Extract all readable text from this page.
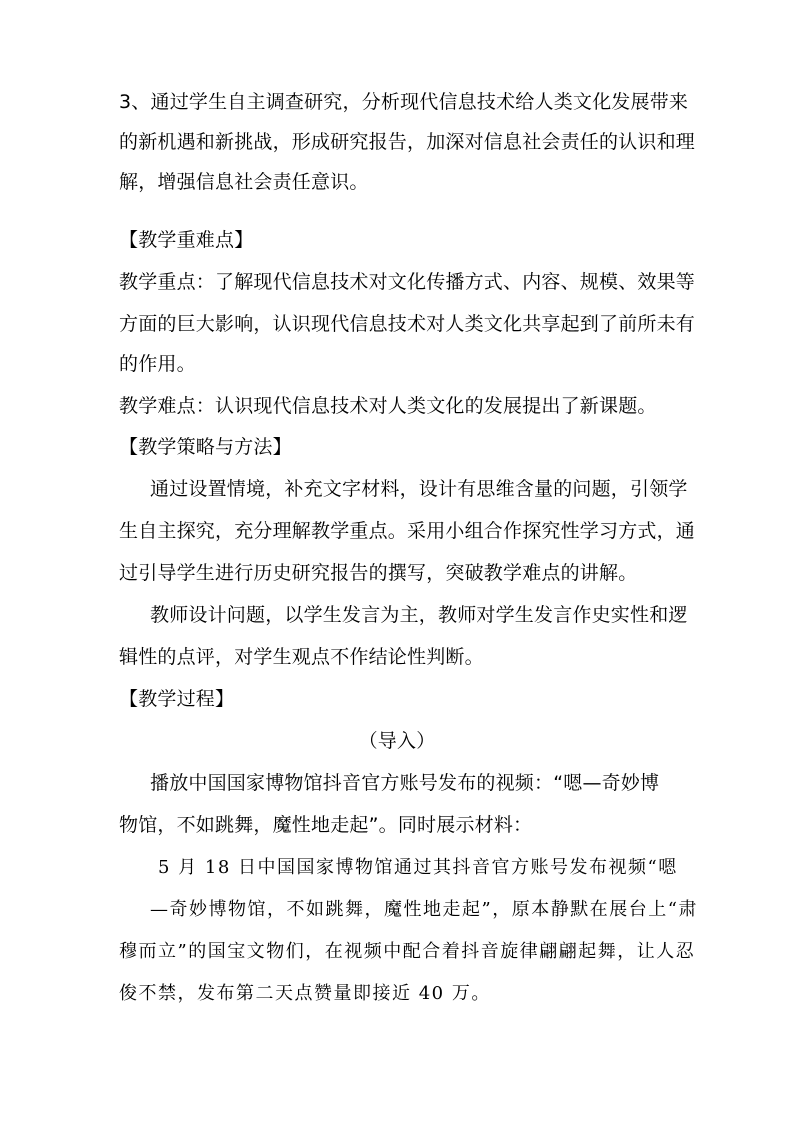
3、通过学生自主调查研究，分析现代信息技术给人类文化发展带来
的新机遇和新挑战，形成研究报告，加深对信息社会责任的认识和理
解，增强信息社会责任意识。
【教学重难点】
教学重点：了解现代信息技术对文化传播方式、内容、规模、效果等
方面的巨大影响，认识现代信息技术对人类文化共享起到了前所未有
的作用。
教学难点：认识现代信息技术对人类文化的发展提出了新课题。
【教学策略与方法】
通过设置情境，补充文字材料，设计有思维含量的问题，引领学
生自主探究，充分理解教学重点。采用小组合作探究性学习方式，通
过引导学生进行历史研究报告的撰写，突破教学难点的讲解。
教师设计问题，以学生发言为主，教师对学生发言作史实性和逻
辑性的点评，对学生观点不作结论性判断。
【教学过程】
（导入）
播放中国国家博物馆抖音官方账号发布的视频：“嗯—奇妙博
物馆，不如跳舞，魔性地走起”。同时展示材料：
5 月 18 日中国国家博物馆通过其抖音官方账号发布视频“嗯
—奇妙博物馆，不如跳舞，魔性地走起”，原本静默在展台上“肃
穆而立”的国宝文物们，在视频中配合着抖音旋律翩翩起舞，让人忍
俊不禁，发布第二天点赞量即接近 40 万。
